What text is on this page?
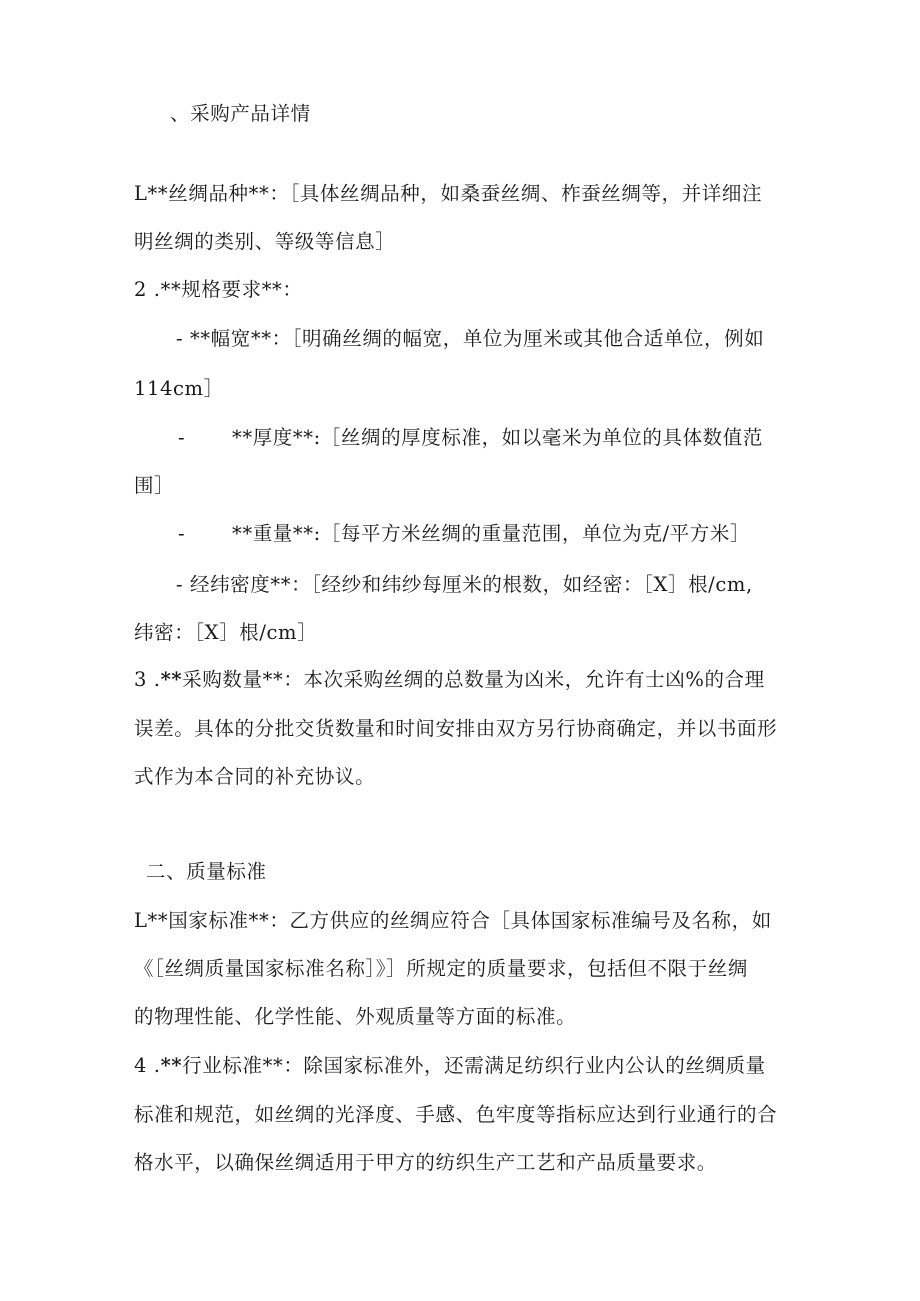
、采购产品详情
L**丝绸品种**：［具体丝绸品种，如桑蚕丝绸、柞蚕丝绸等，并详细注
明丝绸的类别、等级等信息］
2 .**规格要求**：
- **幅宽**：［明确丝绸的幅宽，单位为厘米或其他合适单位，例如
114cm］
- **厚度**:［丝绸的厚度标准，如以毫米为单位的具体数值范
围］
- **重量**:［每平方米丝绸的重量范围，单位为克/平方米］
- 经纬密度**：［经纱和纬纱每厘米的根数，如经密：［X］根/cm,
纬密：［X］根/cm］
3 .**采购数量**：本次采购丝绸的总数量为凶米，允许有士凶%的合理
误差。具体的分批交货数量和时间安排由双方另行协商确定，并以书面形
式作为本合同的补充协议。
二、质量标准
L**国家标准**：乙方供应的丝绸应符合［具体国家标准编号及名称，如
《［丝绸质量国家标准名称］》］所规定的质量要求，包括但不限于丝绸
的物理性能、化学性能、外观质量等方面的标准。
4 .**行业标准**：除国家标准外，还需满足纺织行业内公认的丝绸质量
标准和规范，如丝绸的光泽度、手感、色牢度等指标应达到行业通行的合
格水平，以确保丝绸适用于甲方的纺织生产工艺和产品质量要求。
